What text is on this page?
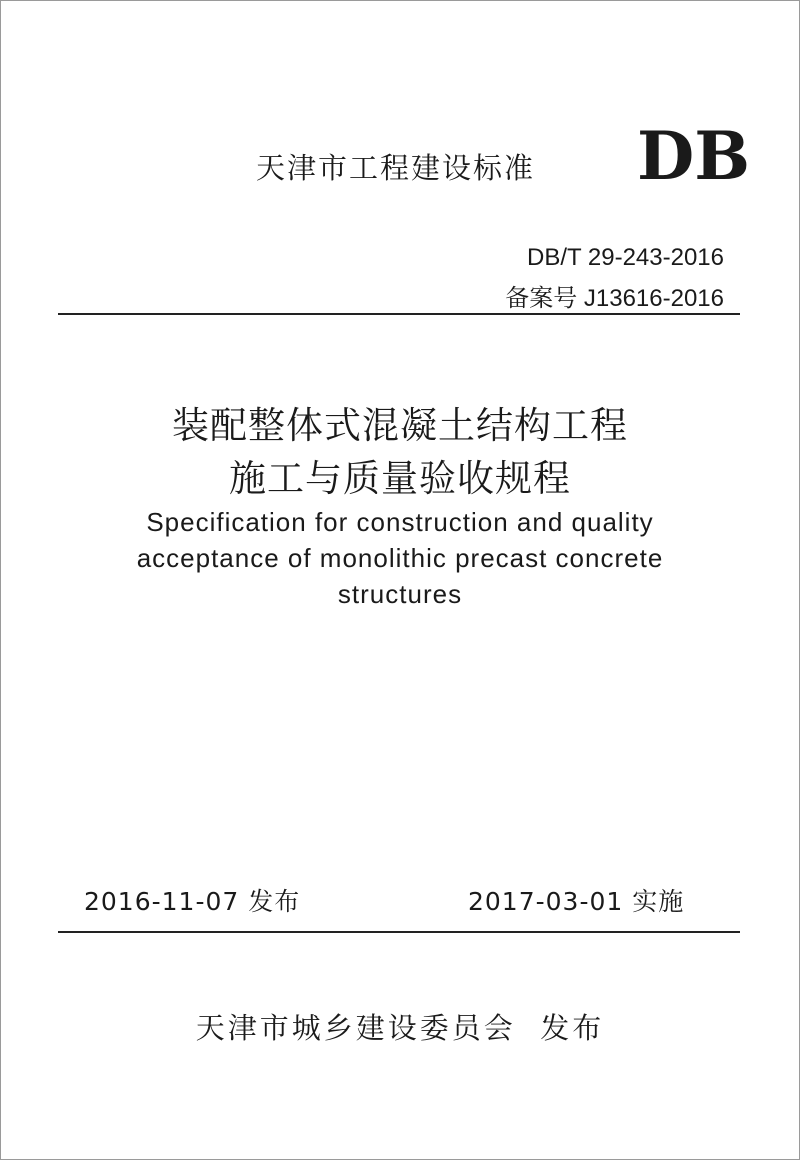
天津市工程建设标准 DB
DB/T 29-243-2016
备案号 J13616-2016
装配整体式混凝土结构工程
施工与质量验收规程
Specification for construction and quality
acceptance of monolithic precast concrete
structures
2016-11-07 发布	2017-03-01 实施
天津市城乡建设委员会  发布
